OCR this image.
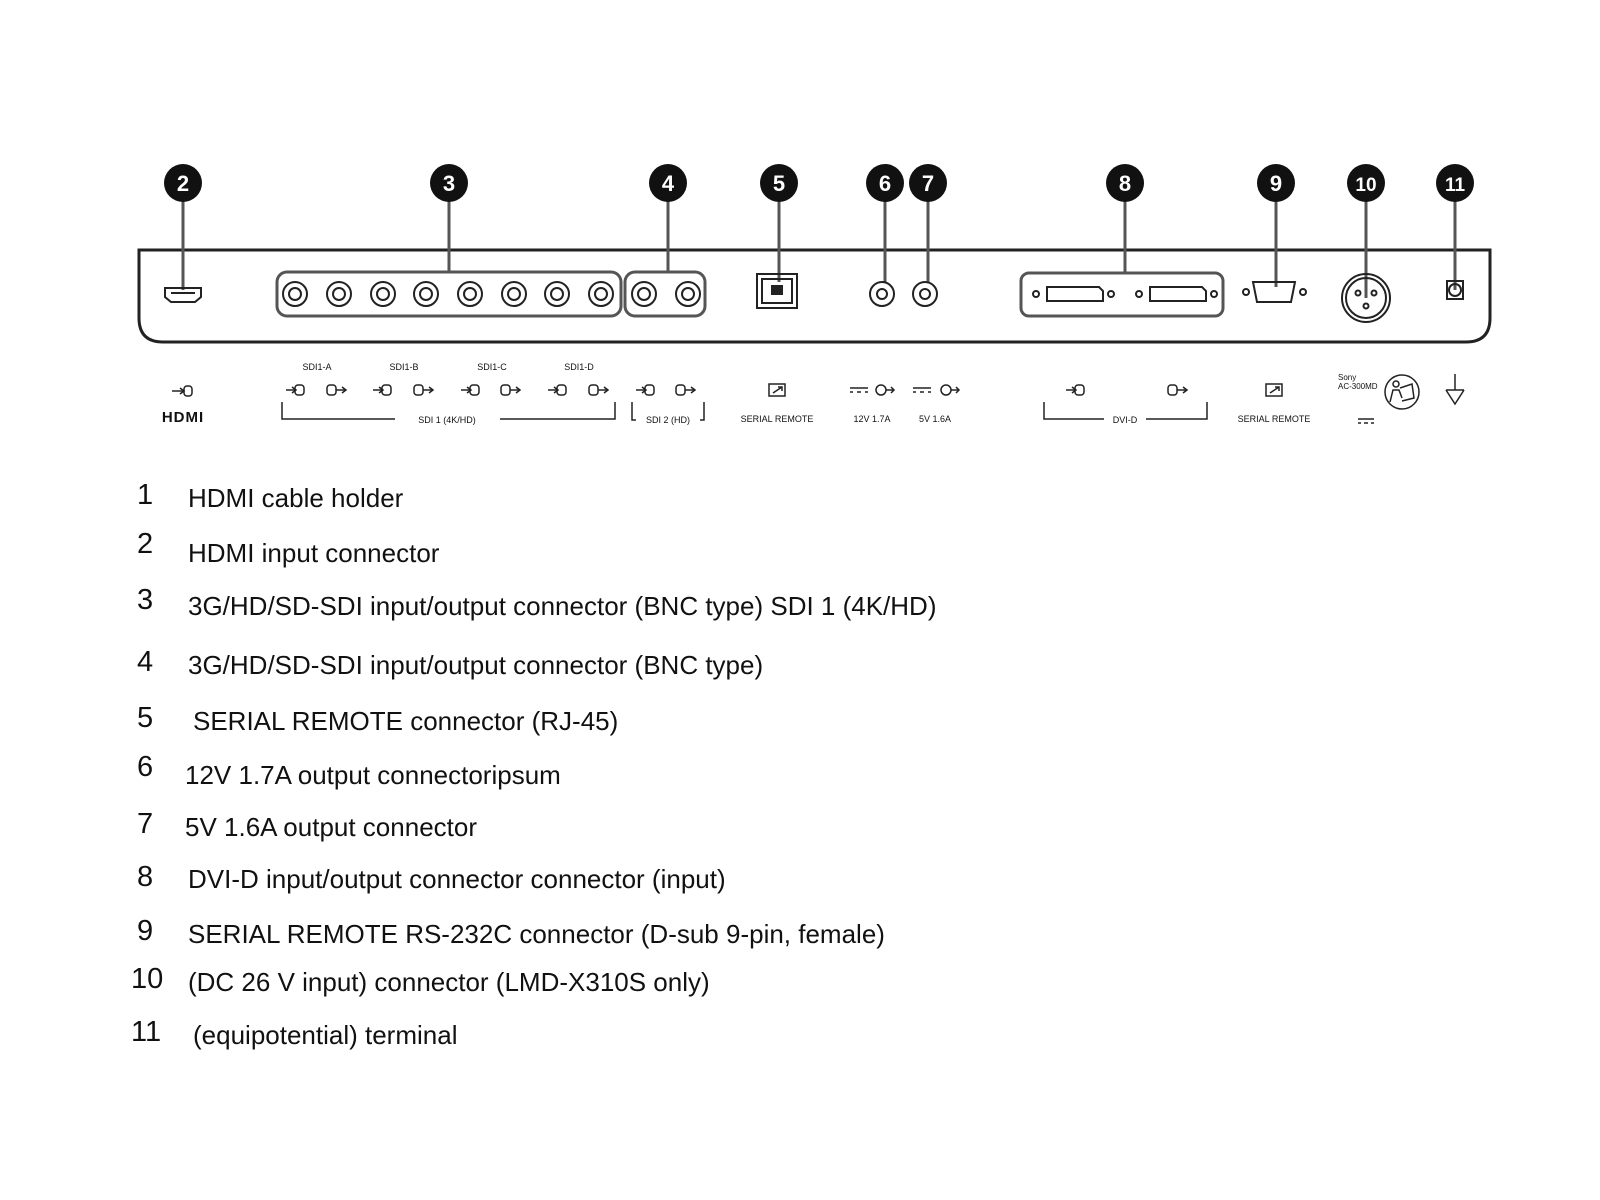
2	3	4	5	6 7	8	9	10	11
HDMI
SDI1-A	SDI1-B	SDI1-C	SDI1-D
SDI 1 (4K/HD)	SDI 2 (HD)	SERIAL REMOTE	12V 1.7A	5V 1.6A	DVI-D	SERIAL REMOTE
Sony
AC-300MD
1 HDMI cable holder
2 HDMI input connector
3 3G/HD/SD-SDI input/output connector (BNC type) SDI 1 (4K/HD)
4 3G/HD/SD-SDI input/output connector (BNC type)
5 SERIAL REMOTE connector (RJ-45)
6 12V 1.7A output connectoripsum
7 5V 1.6A output connector
8 DVI-D input/output connector connector (input)
9 SERIAL REMOTE RS-232C connector (D-sub 9-pin, female)
10 (DC 26 V input) connector (LMD-X310S only)
11 (equipotential) terminal
